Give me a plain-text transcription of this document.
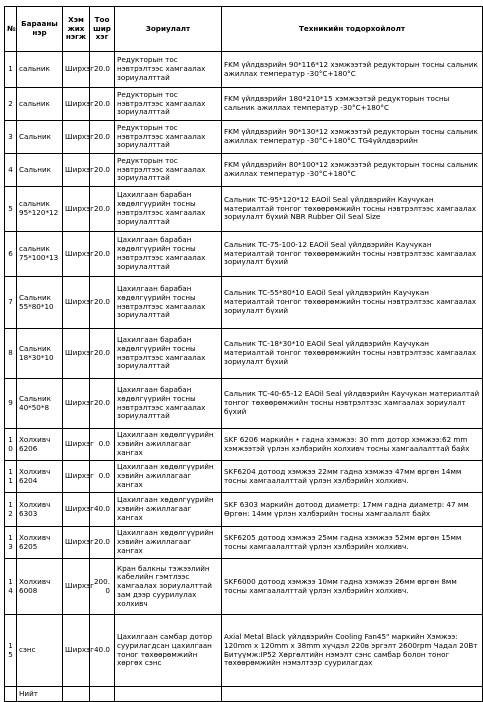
№	Барааны нэр	Хэмжих нэгж	Тоо ширхэг	Зориулалт	Техникийн тодорхойлолт
1	сальник	Ширхэг	20.0	Редукторын тос нэвтрэлтээс хамгаалах зориулалттай	FKM үйлдвэрийн 90*116*12 хэмжээтэй редукторын тосны сальник ажиллах температур -30°C+180°C
2	сальник	Ширхэг	20.0	Редукторын тос нэвтрэлтээс хамгаалах зориулалттай	FKM үйлдвэрийн 180*210*15 хэмжээтэй редукторын тосны сальник ажиллах температур -30°C+180°C
3	Сальник	Ширхэг	20.0	Редукторын тос нэвтрэлтээс хамгаалах зориулалттай	FKM үйлдвэрийн 90*130*12 хэмжээтэй редукторын тосны сальник ажиллах температур -30°C+180°C TG4үйлдвэрийн
4	Сальник	Ширхэг	20.0	Редукторын тос нэвтрэлтээс хамгаалах зориулалттай	FKM үйлдвэрийн 80*100*12 хэмжээтэй редукторын тосны сальник ажиллах температур -30°C+180°C
5	сальник 95*120*12	Ширхэг	20.0	Цахилгаан барабан хөдөлгүүрийн тосны нэвтрэлтээс хамгаалах зориулалттай	Сальник TC-95*120*12 EAOil Seal үйлдвэрийн Каучукан материалтай тонгог төхөөрөмжийн тосны нэвтрэлтээс хамгаалах зориулалт бүхий NBR Rubber Oil Seal Size
6	сальник 75*100*13	Ширхэг	20.0	Цахилгаан барабан хөдөлгүүрийн тосны нэвтрэлтээс хамгаалах зориулалттай	Сальник TC-75-100-12 EAOil Seal үйлдвэрийн Каучукан материалтай тонгог төхөөрөмжийн тосны нэвтрэлтээс хамгаалах зориулалт бүхий
7	Сальник 55*80*10	Ширхэг	20.0	Цахилгаан барабан хөдөлгүүрийн тосны нэвтрэлтээс хамгаалах зориулалттай	Сальник TC-55*80*10 EAOil Seal үйлдвэрийн Каучукан материалтай тонгог төхөөрөмжийн тосны нэвтрэлтээс хамгаалах зориулалт бүхий
8	Сальник 18*30*10	Ширхэг	20.0	Цахилгаан барабан хөдөлгүүрийн тосны нэвтрэлтээс хамгаалах зориулалттай	Сальник TC-18*30*10 EAOil Seal үйлдвэрийн Каучукан материалтай тонгог төхөөрөмжийн тосны нэвтрэлтээс хамгаалах зориулалт бүхий
9	Сальник 40*50*8	Ширхэг	20.0	Цахилгаан барабан хөдөлгүүрийн тосны нэвтрэлтээс хамгаалах зориулалттай	Сальник TC-40-65-12 EAOil Seal үйлдвэрийн Каучукан материалтай тонгог төхөөрөмжийн тосны нэвтрэлтээс хамгаалах зориулалт бүхий
10	Холхивч 6206	Ширхэг	0.0	Цахилгаан хөдөлгүүрийн хэвийн ажиллагааг хангах	SKF 6206 маркийн • гадна хэмжээ: 30 mm дотор хэмжээ:62 mm хэмжээтэй үрлэн хэлбэрийн холхивч тосны хамгаалалттай байх
11	Холхивч 6204	Ширхэг	0.0	Цахилгаан хөдөлгүүрийн хэвийн ажиллагааг хангах	SKF6204 дотоод хэмжээ 22мм гадна хэмжээ 47мм өргөн 14мм тосны хамгаалалттай үрлэн хэлбэрийн холхивч.
12	Холхивч 6303	Ширхэг	40.0	Цахилгаан хөдөлгүүрийн хэвийн ажиллагааг хангах	SKF 6303 маркийн дотоод диаметр: 17мм гадна диаметр: 47 мм Өргөн: 14мм үрлэн хэлбэрийн тосны хамгаалалт байх
13	Холхивч 6205	Ширхэг	20.0	Цахилгаан хөдөлгүүрийн хэвийн ажиллагааг хангах	SKF6205 дотоод хэмжээ 25мм гадна хэмжээ 52мм өргөн 15мм тосны хамгаалалттай үрлэн хэлбэрийн холхивч.
14	Холхивч 6008	Ширхэг	200.0	Кран балкны тэжээлийн кабелийн гэмтлээс хамгаалах зориулалттай зам дээр суурилулах холхивч	SKF6000 дотоод хэмжээ 10мм гадна хэмжээ 26мм өргөн 8мм тосны хамгаалалттай үрлэн хэлбэрийн холхивч.
15	сэнс	Ширхэг	40.0	Цахилгаан самбар дотор суурилагдсан цахилгаан тоног төхөөрөмжийн хөргөх сэнс	Axial Metal Black үйлдвэрийн Cooling Fan45" маркийн Хэмжээ: 120mm x 120mm x 38mm хүчдэл 220в эргэлт 2600rpm Чадал 20Вт Битүүмж:IP52 Хөргөлтийн нэмэлт сэнс самбар болон тоног төхөөрөмжийн нэмэлтээр суурилагдах
	Нийт				
